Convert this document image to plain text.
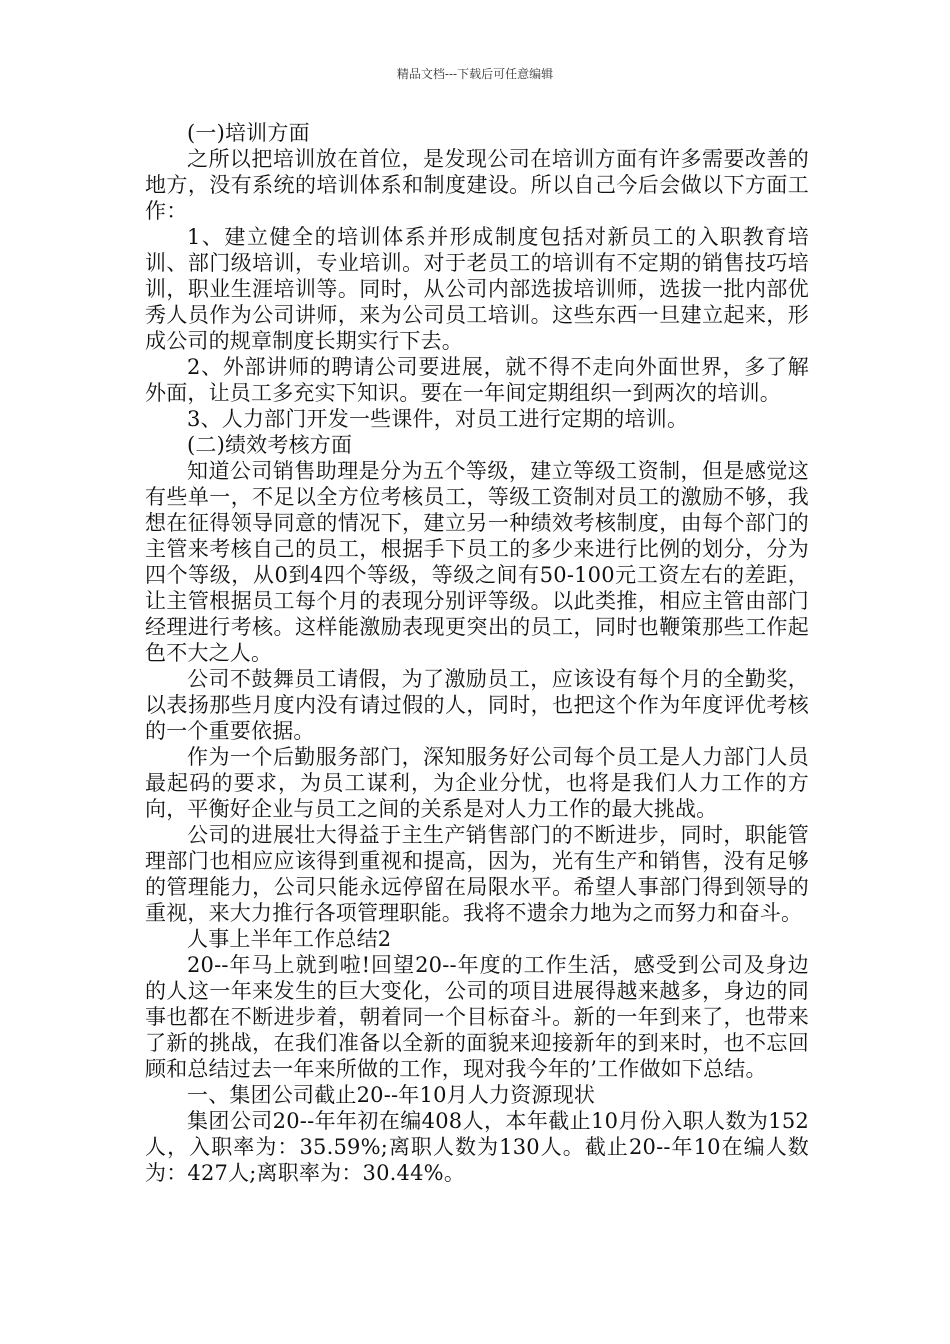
精品文档---下载后可任意编辑

(一)培训方面

之所以把培训放在首位，是发现公司在培训方面有许多需要改善的地方，没有系统的培训体系和制度建设。所以自己今后会做以下方面工作：

1、建立健全的培训体系并形成制度包括对新员工的入职教育培训、部门级培训，专业培训。对于老员工的培训有不定期的销售技巧培训，职业生涯培训等。同时，从公司内部选拔培训师，选拔一批内部优秀人员作为公司讲师，来为公司员工培训。这些东西一旦建立起来，形成公司的规章制度长期实行下去。

2、外部讲师的聘请公司要进展，就不得不走向外面世界，多了解外面，让员工多充实下知识。要在一年间定期组织一到两次的培训。

3、人力部门开发一些课件，对员工进行定期的培训。

(二)绩效考核方面

知道公司销售助理是分为五个等级，建立等级工资制，但是感觉这有些单一，不足以全方位考核员工，等级工资制对员工的激励不够，我想在征得领导同意的情况下，建立另一种绩效考核制度，由每个部门的主管来考核自己的员工，根据手下员工的多少来进行比例的划分，分为四个等级，从0到4四个等级，等级之间有50-100元工资左右的差距，让主管根据员工每个月的表现分别评等级。以此类推，相应主管由部门经理进行考核。这样能激励表现更突出的员工，同时也鞭策那些工作起色不大之人。

公司不鼓舞员工请假，为了激励员工，应该设有每个月的全勤奖，以表扬那些月度内没有请过假的人，同时，也把这个作为年度评优考核的一个重要依据。

作为一个后勤服务部门，深知服务好公司每个员工是人力部门人员最起码的要求，为员工谋利，为企业分忧，也将是我们人力工作的方向，平衡好企业与员工之间的关系是对人力工作的最大挑战。

公司的进展壮大得益于主生产销售部门的不断进步，同时，职能管理部门也相应应该得到重视和提高，因为，光有生产和销售，没有足够的管理能力，公司只能永远停留在局限水平。希望人事部门得到领导的重视，来大力推行各项管理职能。我将不遗余力地为之而努力和奋斗。

人事上半年工作总结2

20--年马上就到啦!回望20--年度的工作生活，感受到公司及身边的人这一年来发生的巨大变化，公司的项目进展得越来越多，身边的同事也都在不断进步着，朝着同一个目标奋斗。新的一年到来了，也带来了新的挑战，在我们准备以全新的面貌来迎接新年的到来时，也不忘回顾和总结过去一年来所做的工作，现对我今年的’工作做如下总结。

一、集团公司截止20--年10月人力资源现状

集团公司20--年年初在编408人，本年截止10月份入职人数为152人，入职率为：35.59%;离职人数为130人。截止20--年10在编人数为：427人;离职率为：30.44%。
